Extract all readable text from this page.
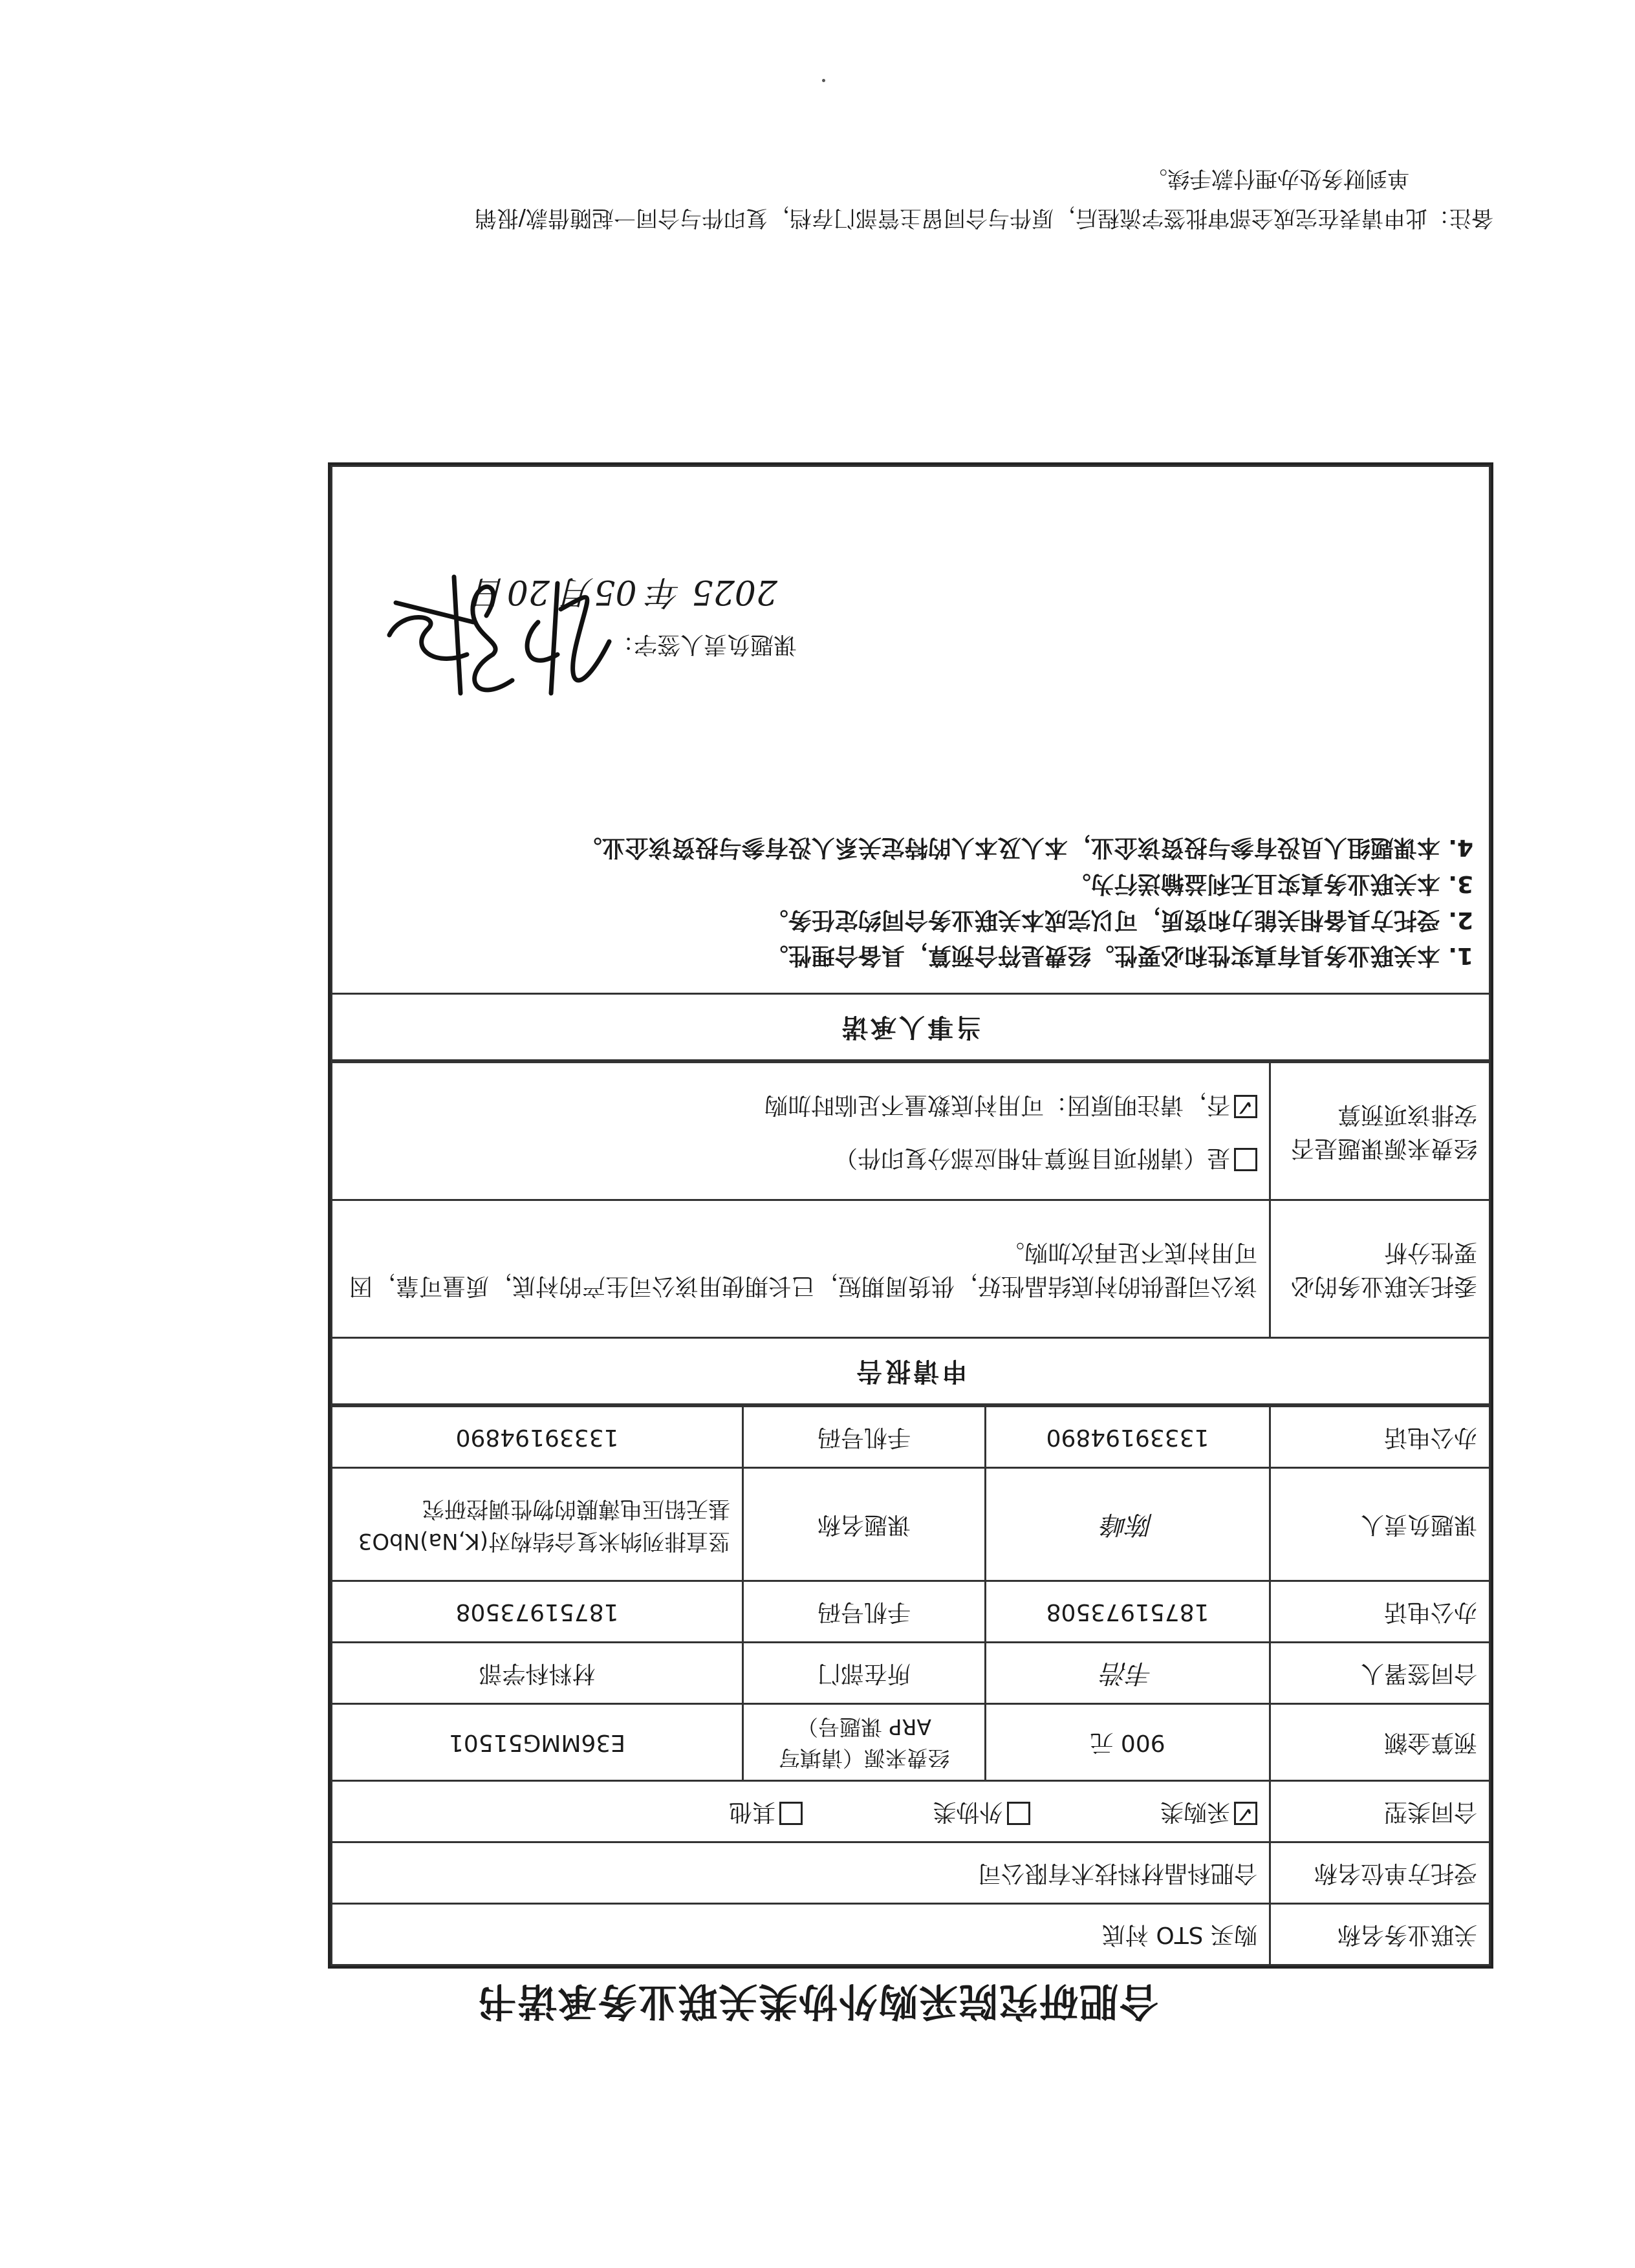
合肥研究院采购外协类关联业务承诺书
关联业务名称	购买 STO 衬底		
受托方单位名称	合肥科晶材料技术有限公司		
合同类型	✓采购类 外协类 其他
预算金额	900 元	经费来源（请填写 ARP 课题号）	E36MMG51501
合同签署人	韦浩	所在部门	材料科学部
办公电话	18751973508	手机号码	18751973508
课题负责人	陈峰	课题名称	竖直排列纳米复合结构对(K,Na)NbO3 基无铅压电薄膜的物性调控研究
办公电话	13339194890	手机号码	13339194890
申请报告	
委托关联业务的必要性分析	该公司提供的衬底结晶性好，供货周期短，已长期使用该公司生产的衬底，质量可靠，因可用衬底不足再次加购。
经费来源课题是否安排该项预算	是（请附项目预算书相应部分复印件）
✓否，请注明原因：可用衬底数量不足临时加购
当事人承诺

1. 本关联业务具有真实性和必要性。经费是符合预算，具备合理性。
2. 受托方具备相关能力和资质，可以完成本关联业务合同约定任务。
3. 本关联业务真实且无利益输送行为。
4. 本课题组人员没有参与投资该企业，本人及本人的特定关系人没有参与投资该企业。
课题负责人签字：
2025 年 05月 20日
备注：此申请表在完成全部审批签字流程后，原件与合同留主管部门存档，复印件与合同一起随借款/报销
单到财务处办理付款手续。
